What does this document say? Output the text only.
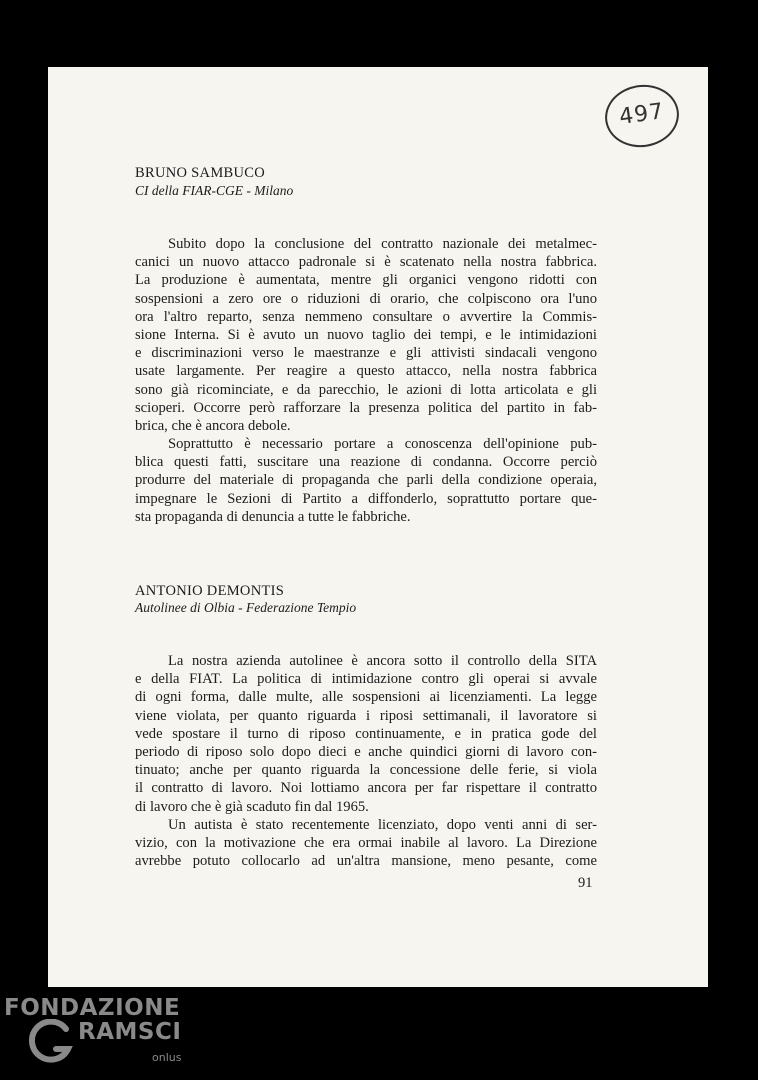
497
BRUNO SAMBUCO
CI della FIAR-CGE - Milano
Subito dopo la conclusione del contratto nazionale dei metalmec-
canici un nuovo attacco padronale si è scatenato nella nostra fabbrica.
La produzione è aumentata, mentre gli organici vengono ridotti con
sospensioni a zero ore o riduzioni di orario, che colpiscono ora l'uno
ora l'altro reparto, senza nemmeno consultare o avvertire la Commis-
sione Interna. Si è avuto un nuovo taglio dei tempi, e le intimidazioni
e discriminazioni verso le maestranze e gli attivisti sindacali vengono
usate largamente. Per reagire a questo attacco, nella nostra fabbrica
sono già ricominciate, e da parecchio, le azioni di lotta articolata e gli
scioperi. Occorre però rafforzare la presenza politica del partito in fab-
brica, che è ancora debole.
Soprattutto è necessario portare a conoscenza dell'opinione pub-
blica questi fatti, suscitare una reazione di condanna. Occorre perciò
produrre del materiale di propaganda che parli della condizione operaia,
impegnare le Sezioni di Partito a diffonderlo, soprattutto portare que-
sta propaganda di denuncia a tutte le fabbriche.
ANTONIO DEMONTIS
Autolinee di Olbia - Federazione Tempio
La nostra azienda autolinee è ancora sotto il controllo della SITA
e della FIAT. La politica di intimidazione contro gli operai si avvale
di ogni forma, dalle multe, alle sospensioni ai licenziamenti. La legge
viene violata, per quanto riguarda i riposi settimanali, il lavoratore si
vede spostare il turno di riposo continuamente, e in pratica gode del
periodo di riposo solo dopo dieci e anche quindici giorni di lavoro con-
tinuato; anche per quanto riguarda la concessione delle ferie, si viola
il contratto di lavoro. Noi lottiamo ancora per far rispettare il contratto
di lavoro che è già scaduto fin dal 1965.
Un autista è stato recentemente licenziato, dopo venti anni di ser-
vizio, con la motivazione che era ormai inabile al lavoro. La Direzione
avrebbe potuto collocarlo ad un'altra mansione, meno pesante, come
91
FONDAZIONE
RAMSCI
onlus
